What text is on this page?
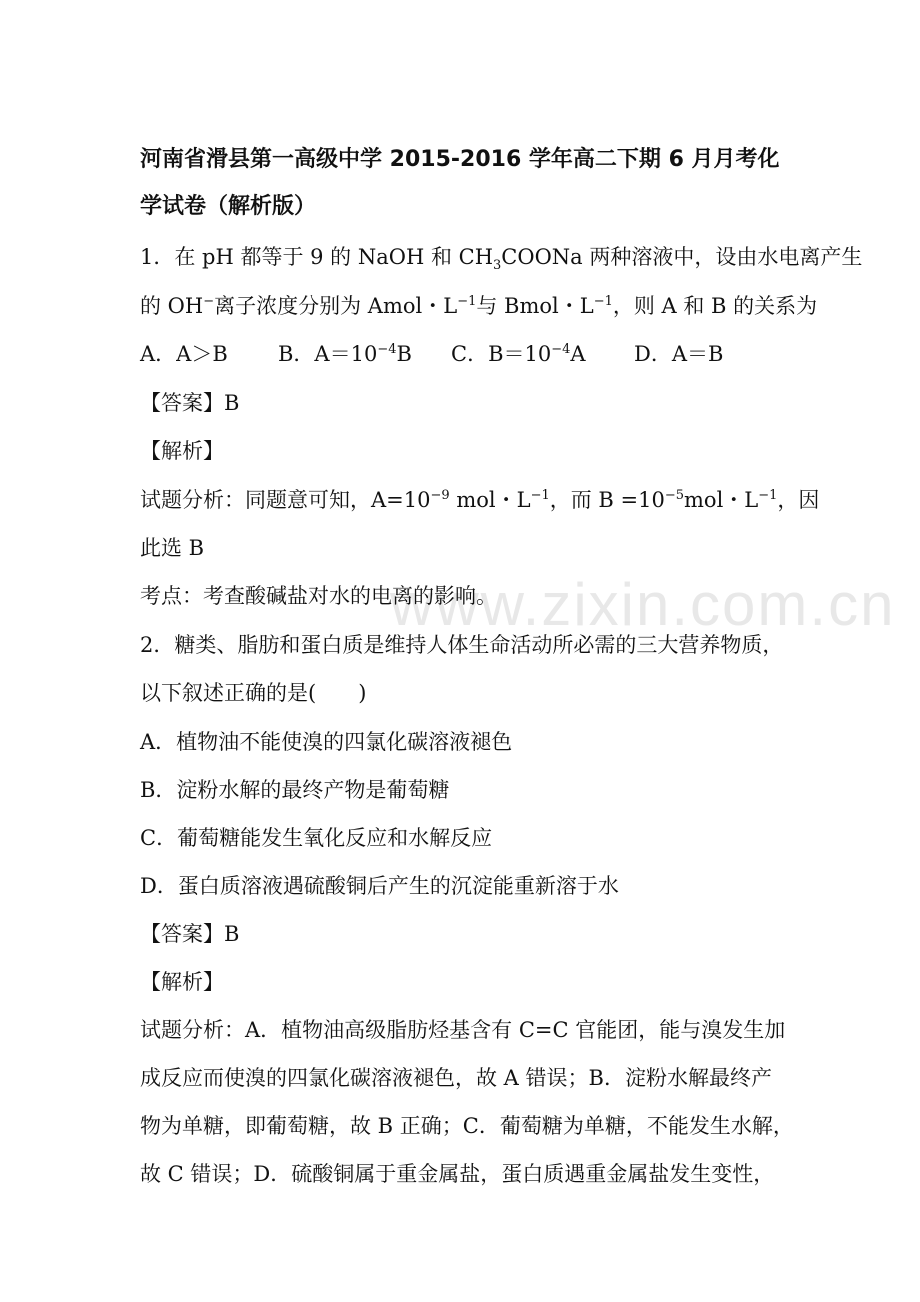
www.zixin.com.cn
河南省滑县第一高级中学 2015-2016 学年高二下期 6 月月考化
学试卷（解析版）
1．在 pH 都等于 9 的 NaOH 和 $CH_3COONa$ 两种溶液中，设由水电离产生
的 OH−离子浓度分别为 Amol・$L^{-1}$与 Bmol・$L^{-1}$，则 A 和 B 的关系为
A．A＞B B．$A=10^{-4}B$ C．$B=10^{-4}A$ D．A＝B
【答案】B
【解析】
试题分析：同题意可知，$A=10^{-9}$ mol・$L^{-1}$，而 $B =10^{-5}mol$・$L^{-1}$，因
此选 B
考点：考查酸碱盐对水的电离的影响。
2．糖类、脂肪和蛋白质是维持人体生命活动所必需的三大营养物质，
以下叙述正确的是(　　)
A．植物油不能使溴的四氯化碳溶液褪色
B．淀粉水解的最终产物是葡萄糖
C．葡萄糖能发生氧化反应和水解反应
D．蛋白质溶液遇硫酸铜后产生的沉淀能重新溶于水
【答案】B
【解析】
试题分析：A．植物油高级脂肪烃基含有 C=C 官能团，能与溴发生加
成反应而使溴的四氯化碳溶液褪色，故 A 错误；B．淀粉水解最终产
物为单糖，即葡萄糖，故 B 正确；C．葡萄糖为单糖，不能发生水解，
故 C 错误；D．硫酸铜属于重金属盐，蛋白质遇重金属盐发生变性，
